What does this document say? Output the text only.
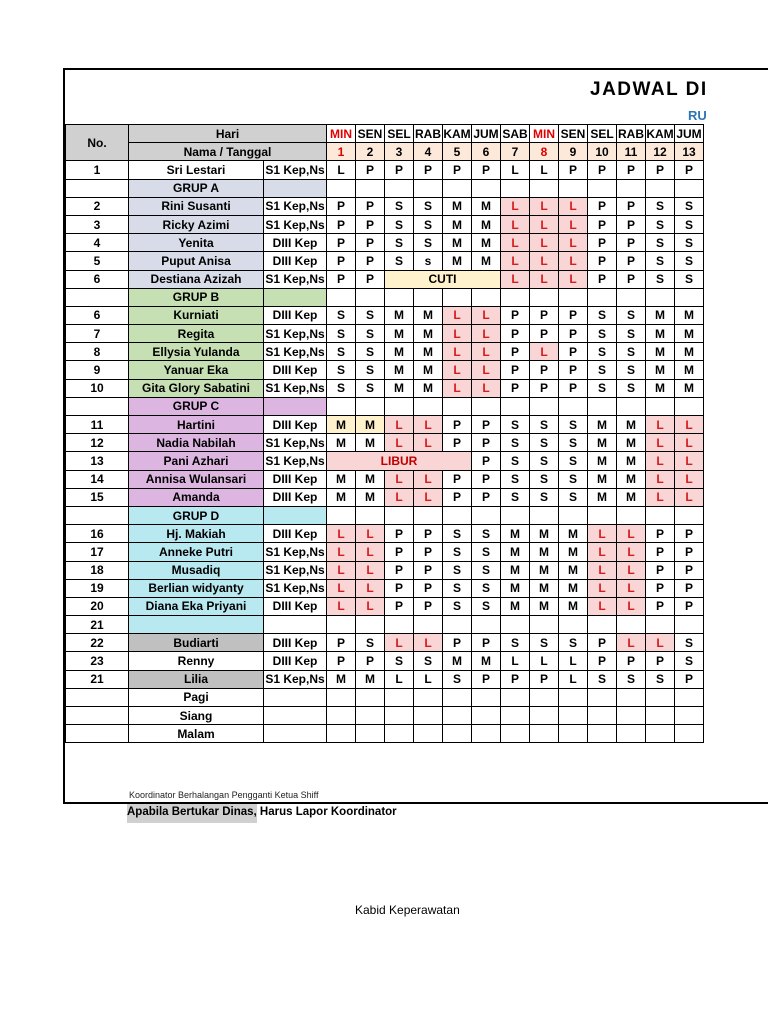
JADWAL DI
RU
No.	Hari		MIN	SEN	SEL	RAB	KAM	JUM	SAB	MIN	SEN	SEL	RAB	KAM	JUM
	Nama / Tanggal		1	2	3	4	5	6	7	8	9	10	11	12	13
1	Sri Lestari	S1 Kep,Ns	L	P	P	P	P	P	L	L	P	P	P	P	P
	GRUP A														
2	Rini Susanti	S1 Kep,Ns	P	P	S	S	M	M	L	L	L	P	P	S	S
3	Ricky Azimi	S1 Kep,Ns	P	P	S	S	M	M	L	L	L	P	P	S	S
4	Yenita	DIII Kep	P	P	S	S	M	M	L	L	L	P	P	S	S
5	Puput Anisa	DIII Kep	P	P	S	s	M	M	L	L	L	P	P	S	S
6	Destiana Azizah	S1 Kep,Ns	P	P	CUTI				L	L	L	P	P	S	S
	GRUP B														
6	Kurniati	DIII Kep	S	S	M	M	L	L	P	P	P	S	S	M	M
7	Regita	S1 Kep,Ns	S	S	M	M	L	L	P	P	P	S	S	M	M
8	Ellysia Yulanda	S1 Kep,Ns	S	S	M	M	L	L	P	L	P	S	S	M	M
9	Yanuar Eka	DIII Kep	S	S	M	M	L	L	P	P	P	S	S	M	M
10	Gita Glory Sabatini	S1 Kep,Ns	S	S	M	M	L	L	P	P	P	S	S	M	M
	GRUP C														
11	Hartini	DIII Kep	M	M	L	L	P	P	S	S	S	M	M	L	L
12	Nadia Nabilah	S1 Kep,Ns	M	M	L	L	P	P	S	S	S	M	M	L	L
13	Pani Azhari	S1 Kep,Ns	LIBUR					P	S	S	S	M	M	L	L
14	Annisa Wulansari	DIII Kep	M	M	L	L	P	P	S	S	S	M	M	L	L
15	Amanda	DIII Kep	M	M	L	L	P	P	S	S	S	M	M	L	L
	GRUP D														
16	Hj. Makiah	DIII Kep	L	L	P	P	S	S	M	M	M	L	L	P	P
17	Anneke Putri	S1 Kep,Ns	L	L	P	P	S	S	M	M	M	L	L	P	P
18	Musadiq	S1 Kep,Ns	L	L	P	P	S	S	M	M	M	L	L	P	P
19	Berlian widyanty	S1 Kep,Ns	L	L	P	P	S	S	M	M	M	L	L	P	P
20	Diana Eka Priyani	DIII Kep	L	L	P	P	S	S	M	M	M	L	L	P	P
21															
22	Budiarti	DIII Kep	P	S	L	L	P	P	S	S	S	P	L	L	S
23	Renny	DIII Kep	P	P	S	S	M	M	L	L	L	P	P	P	S
21	Lilia	S1 Kep,Ns	M	M	L	L	S	P	P	P	L	S	S	S	P
	Pagi														
	Siang														
	Malam														
Koordinator Berhalangan Pengganti Ketua Shiff
Apabila Bertukar Dinas, Harus Lapor Koordinator
Kabid Keperawatan
